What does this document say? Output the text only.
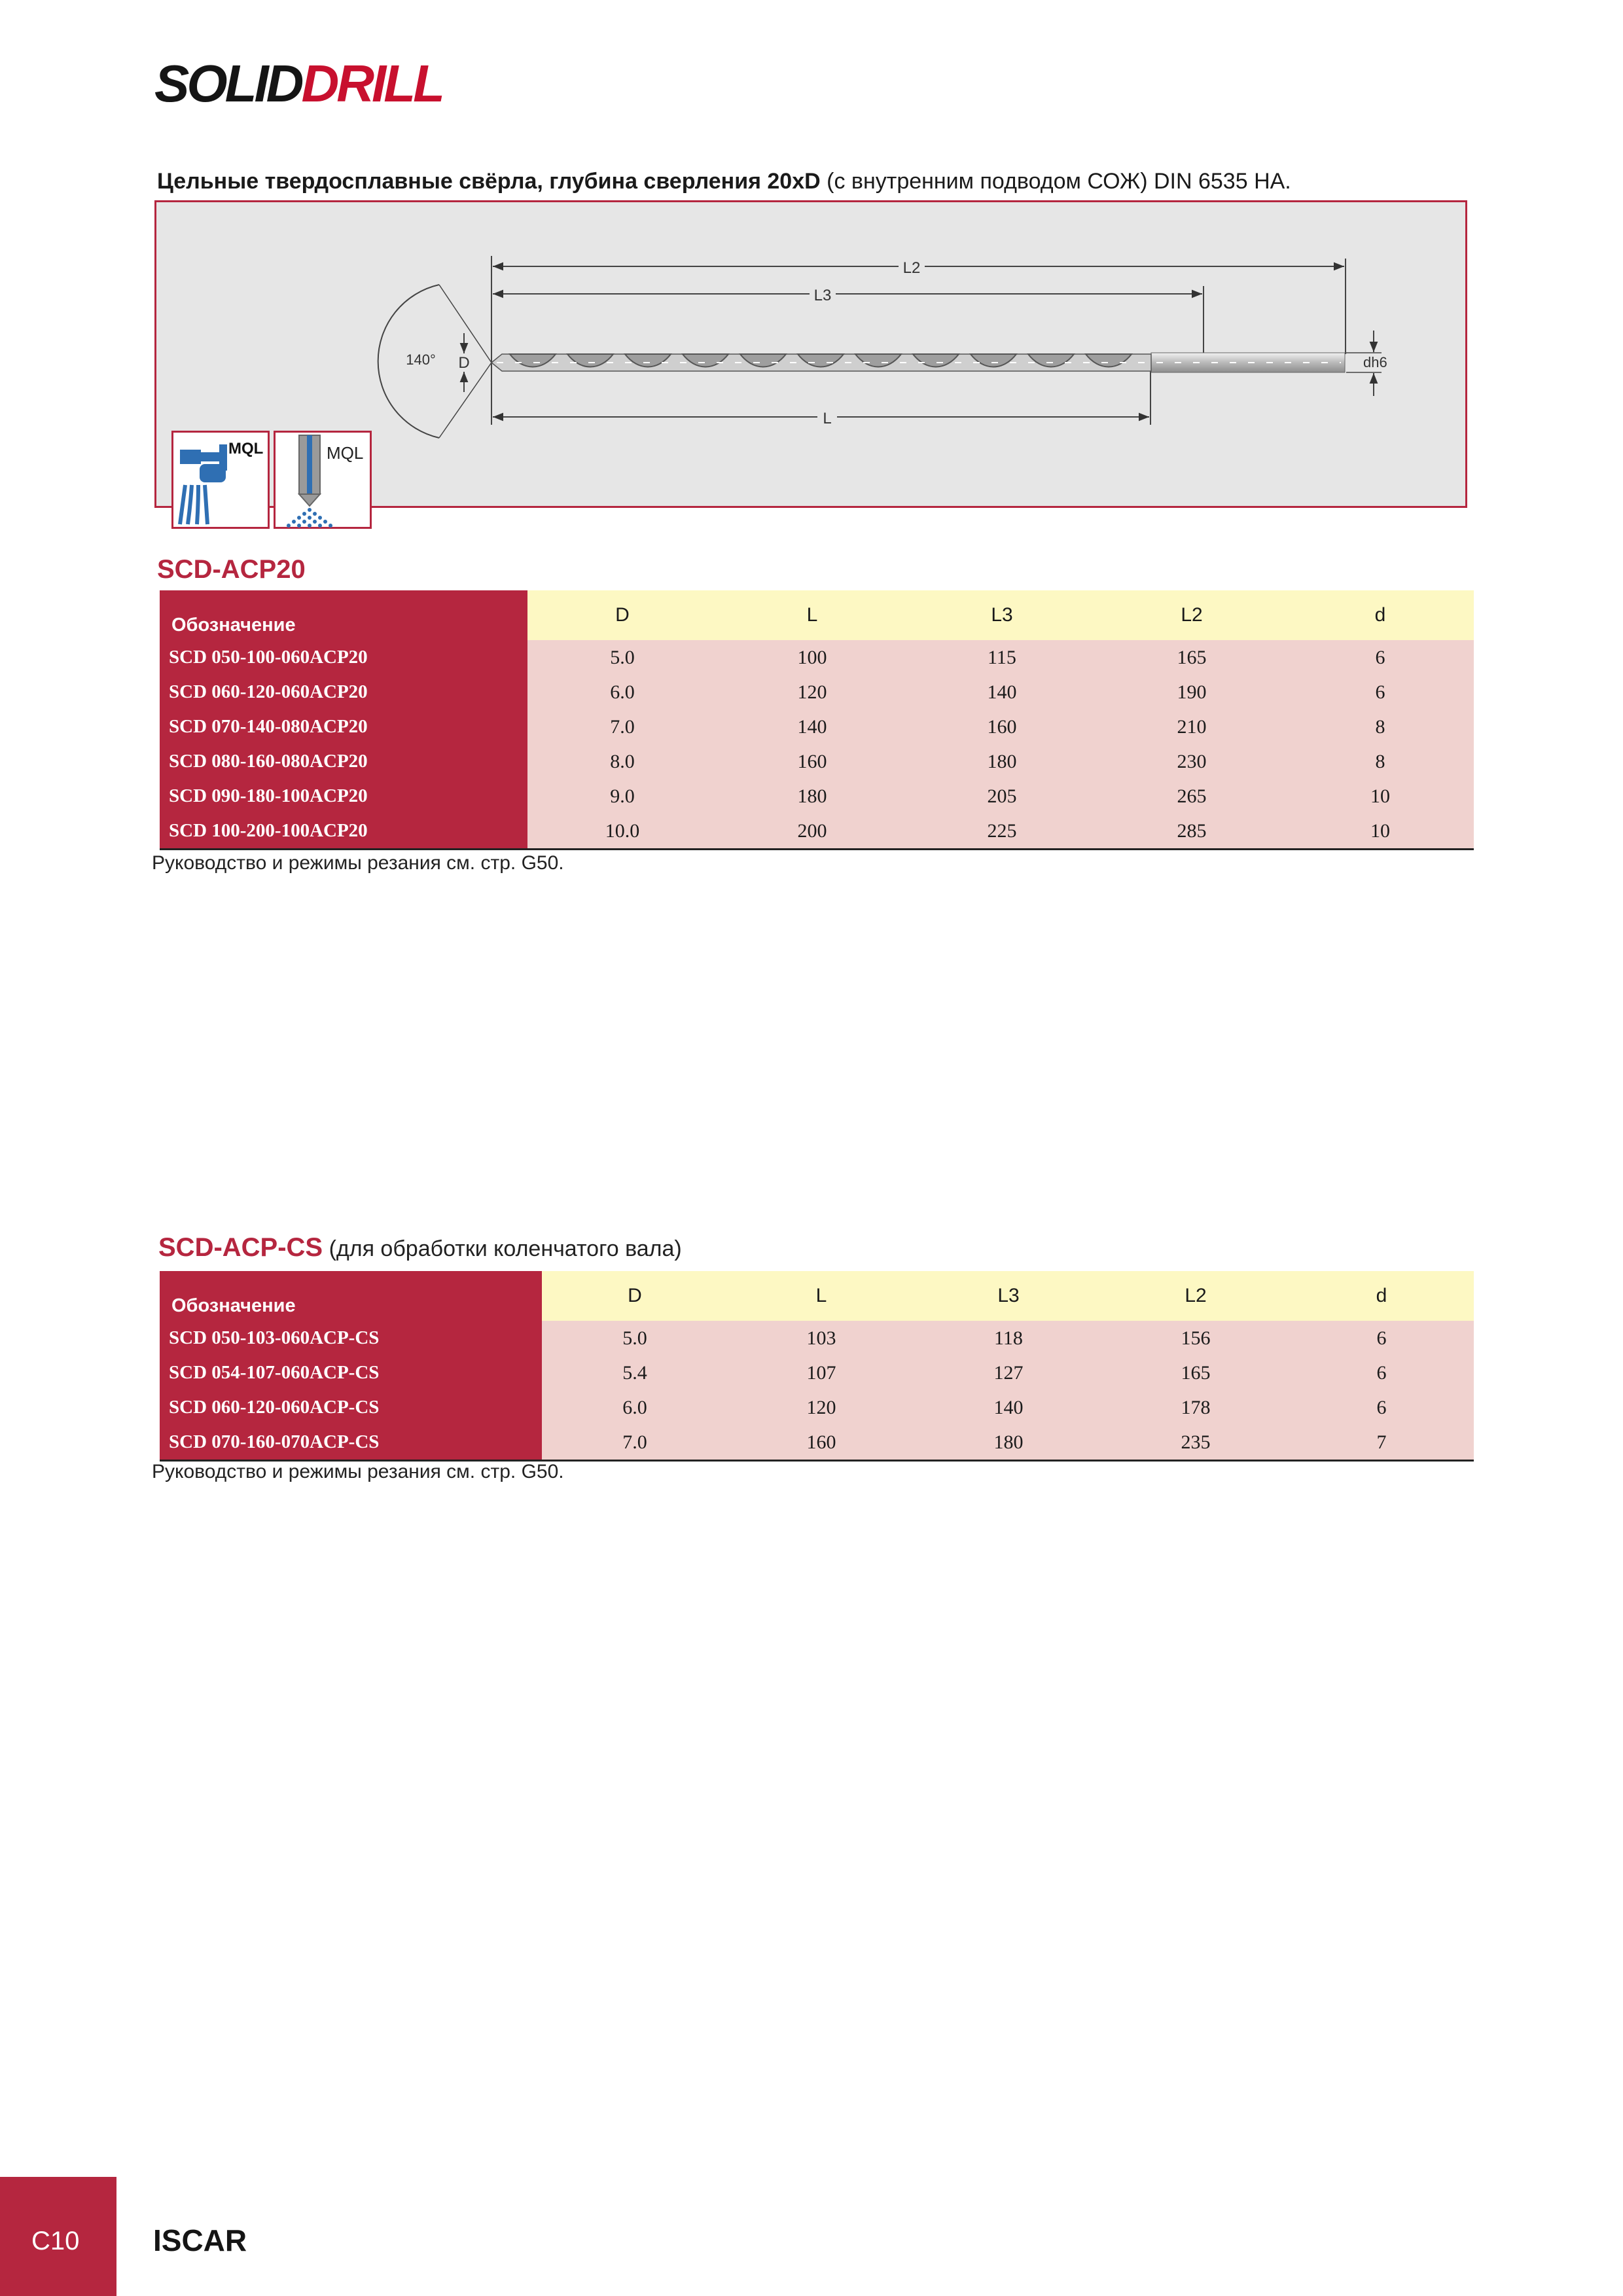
SOLIDDRILL
Цельные твердосплавные свёрла, глубина сверления 20xD (с внутренним подводом СОЖ) DIN 6535 HA.
L2
L3
L
140° D	dh6
MQL	MQL
SCD-ACP20
Обозначение	D	L	L3	L2	d
SCD 050-100-060ACP20	5.0	100	115	165	6
SCD 060-120-060ACP20	6.0	120	140	190	6
SCD 070-140-080ACP20	7.0	140	160	210	8
SCD 080-160-080ACP20	8.0	160	180	230	8
SCD 090-180-100ACP20	9.0	180	205	265	10
SCD 100-200-100ACP20	10.0	200	225	285	10
Руководство и режимы резания см. стр. G50.
SCD-ACP-CS (для обработки коленчатого вала)
Обозначение	D	L	L3	L2	d
SCD 050-103-060ACP-CS	5.0	103	118	156	6
SCD 054-107-060ACP-CS	5.4	107	127	165	6
SCD 060-120-060ACP-CS	6.0	120	140	178	6
SCD 070-160-070ACP-CS	7.0	160	180	235	7
Руководство и режимы резания см. стр. G50.
C10 ISCAR
